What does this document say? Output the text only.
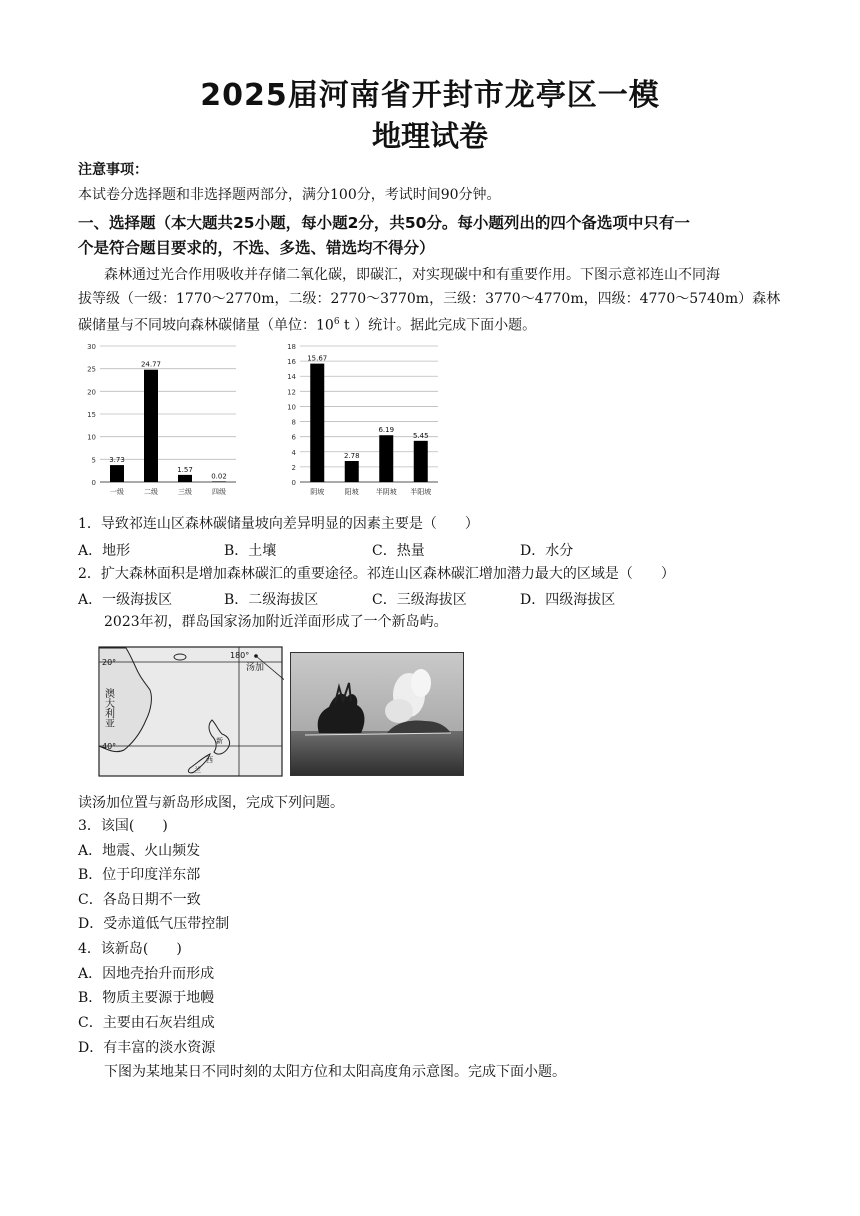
2025届河南省开封市龙亭区一模
地理试卷
注意事项：
本试卷分选择题和非选择题两部分，满分100分，考试时间90分钟。
一、选择题（本大题共25小题，每小题2分，共50分。每小题列出的四个备选项中只有一
个是符合题目要求的，不选、多选、错选均不得分）
森林通过光合作用吸收并存储二氧化碳，即碳汇，对实现碳中和有重要作用。下图示意祁连山不同海
拔等级（一级：1770～2770m，二级：2770～3770m，三级：3770～4770m，四级：4770～5740m）森林
碳储量与不同坡向森林碳储量（单位：$10^6$ t ）统计。据此完成下面小题。
0
5
10
15
20
25
30
3.73
一级
24.77
二级
1.57
三级
0.02
四级
0
2
4
6
8
10
12
14
16
18
15.67
阴坡
2.78
阳坡
6.19
半阴坡
5.45
半阳坡
1．导致祁连山区森林碳储量坡向差异明显的因素主要是（　　）
A．地形	B．土壤	C．热量	D．水分
2．扩大森林面积是增加森林碳汇的重要途径。祁连山区森林碳汇增加潜力最大的区域是（　　）
A．一级海拔区	B．二级海拔区	C．三级海拔区	D．四级海拔区
2023年初，群岛国家汤加附近洋面形成了一个新岛屿。
20°
40°
180°
汤加
澳大利亚
新
西
兰
读汤加位置与新岛形成图，完成下列问题。
3．该国(　　)
A．地震、火山频发
B．位于印度洋东部
C．各岛日期不一致
D．受赤道低气压带控制
4．该新岛(　　)
A．因地壳抬升而形成
B．物质主要源于地幔
C．主要由石灰岩组成
D．有丰富的淡水资源
下图为某地某日不同时刻的太阳方位和太阳高度角示意图。完成下面小题。
